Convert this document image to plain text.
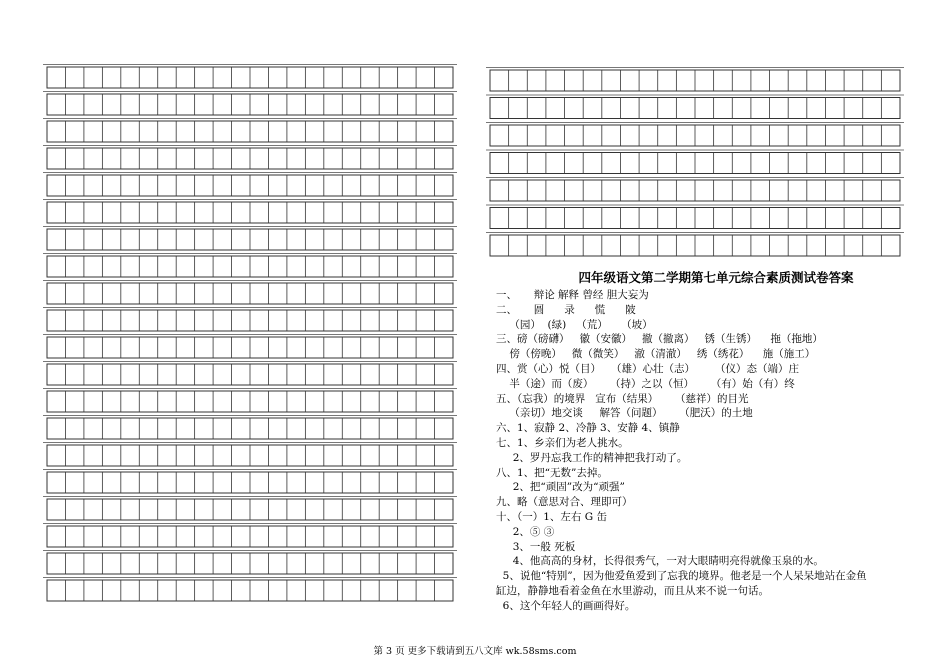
四年级语文第二学期第七单元综合素质测试卷答案
一、     辩论 解释 曾经 胆大妄为
二、     圆      录      慌      陂
（园）  (绿)   （荒）    （坡）
三、磅（磅礴）   徽（安徽）   撤（撤离）   锈（生锈）    拖（拖地）
傍（傍晚）   微（微笑）   澈（清澈）   绣（绣花）    施（施工）
四、赏（心）悦（目）   （雄）心壮（志）      （仪）态（端）庄
半（途）而（废）     （持）之以（恒）     （有）始（有）终
五、（忘我）的境界   宣布（结果）     （慈祥）的目光
（亲切）地交谈     解答（问题）     （肥沃）的土地
六、1、寂静 2、冷静 3、安静 4、镇静
七、1、乡亲们为老人挑水。
2、罗丹忘我工作的精神把我打动了。
八、1、把“无数”去掉。
2、把“顽固”改为“顽强”
九、略（意思对合、理即可）
十、（一）1、左右 G 缶
2、⑤ ③
3、一般 死板
4、他高高的身材，长得很秀气，一对大眼睛明亮得就像玉泉的水。
5、说他“特别”，因为他爱鱼爱到了忘我的境界。他老是一个人呆呆地站在金鱼
缸边，静静地看着金鱼在水里游动，而且从来不说一句话。
6、这个年轻人的画画得好。
第 3 页 更多下载请到五八文库 wk.58sms.com
